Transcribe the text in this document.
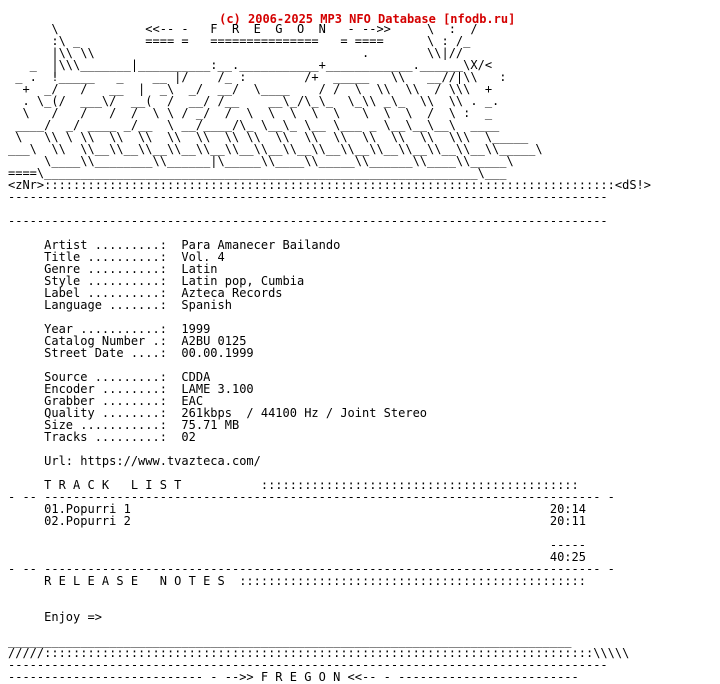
(c) 2006-2025 MP3 NFO Database [nfodb.ru]

\            <<-- -   F  R  E  G  O  N   - -->>     \  :  /
:\ _         ==== =   ===============   = ====      \ : /_
|\\ \\                                     .        \\|//
_  |\\\_______|__________:__.___________+____________.______\X/<
_ .  !_____   _    __ |/    /_ :        /+  _____   \\   __//|\\   :
+  _/   /   __  |  _\  _/  __/  \____    / /  \  \\  \\  / \\\  +
. \_(/  ___\/  __(  /  __/ /__    __\_/\_\_  \_\\ _\_  \\  \\ . _.
\   /   /   /  /  \ \ / _/  /  \  \  \  \  \   \  \  \  /  \ :  _
____/  _/ ____ _/__  \ __/____/\_ \__\_ \__ \___ _ \__\__\__\  ____
\   \\ \ \\  \\  \\  \\  \\  \\ \\  \\  \\  \\  \\  \\  \\  \\\  \_____
___\  \\  \\__\\__\\__\\__\\__\\__\\__\\__\\__\\__\\__\\__\\__\\__\\_____\
\____\\________\\______|\_____\\____\\_____\\______\\____\\_____\
====\____________________________________________________________\___
<zNr>:::::::::::::::::::::::::::::::::::::::::::::::::::::::::::::::::::::::::::::::<dS!>
-----------------------------------------------------------------------------------
-----------------------------------------------------------------------------------
Artist .........:  Para Amanecer Bailando
Title ..........:  Vol. 4
Genre ..........:  Latin
Style ..........:  Latin pop, Cumbia
Label ..........:  Azteca Records
Language .......:  Spanish
Year ...........:  1999
Catalog Number .:  A2BU 0125
Street Date ....:  00.00.1999
Source .........:  CDDA
Encoder ........:  LAME 3.100
Grabber ........:  EAC
Quality ........:  261kbps  / 44100 Hz / Joint Stereo
Size ...........:  75.71 MB
Tracks .........:  02
Url: https://www.tvazteca.com/
T R A C K   L I S T           ::::::::::::::::::::::::::::::::::::::::::::
- -- ----------------------------------------------------------------------------- -
01.Popurri 1                                                          20:14
02.Popurri 2                                                          20:11
-----
40:25
- -- ----------------------------------------------------------------------------- -
R E L E A S E   N O T E S  ::::::::::::::::::::::::::::::::::::::::::::::::
Enjoy =>
______________________________________________________________________________
/////::::::::::::::::::::::::::::::::::::::::::::::::::::::::::::::::::::::::::::\\\\\
-----------------------------------------------------------------------------------
--------------------------- - -->> F R E G O N <<-- - -------------------------
